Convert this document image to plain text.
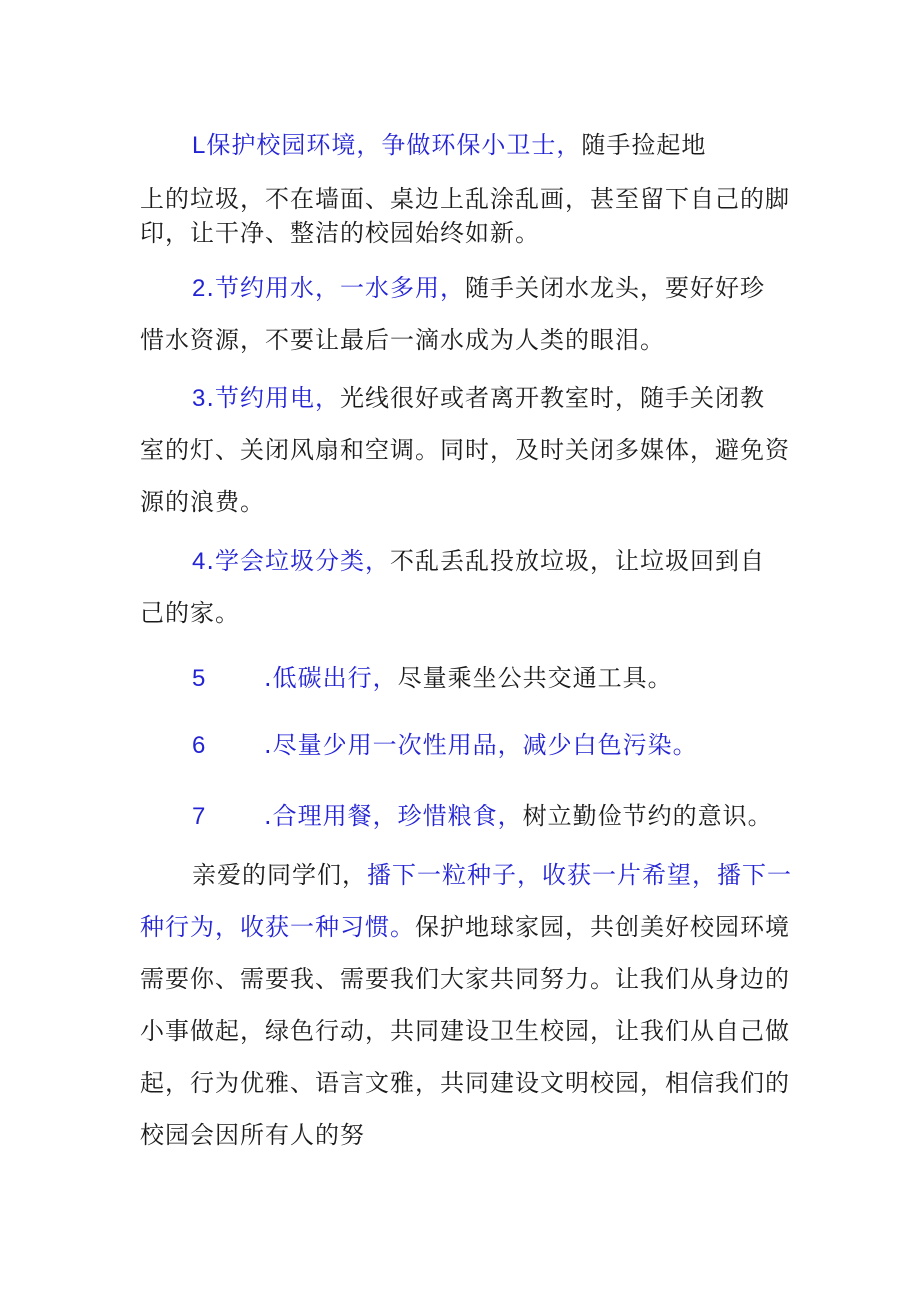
L保护校园环境，争做环保小卫士，随手捡起地
上的垃圾，不在墙面、桌边上乱涂乱画，甚至留下自己的脚
印，让干净、整洁的校园始终如新。
2.节约用水，一水多用，随手关闭水龙头，要好好珍
惜水资源，不要让最后一滴水成为人类的眼泪。
3.节约用电，光线很好或者离开教室时，随手关闭教
室的灯、关闭风扇和空调。同时，及时关闭多媒体，避免资
源的浪费。
4.学会垃圾分类，不乱丢乱投放垃圾，让垃圾回到自
己的家。
5 .低碳出行，尽量乘坐公共交通工具。
6 .尽量少用一次性用品，减少白色污染。
7 .合理用餐，珍惜粮食，树立勤俭节约的意识。
亲爱的同学们，播下一粒种子，收获一片希望，播下一
种行为，收获一种习惯。保护地球家园，共创美好校园环境
需要你、需要我、需要我们大家共同努力。让我们从身边的
小事做起，绿色行动，共同建设卫生校园，让我们从自己做
起，行为优雅、语言文雅，共同建设文明校园，相信我们的
校园会因所有人的努
